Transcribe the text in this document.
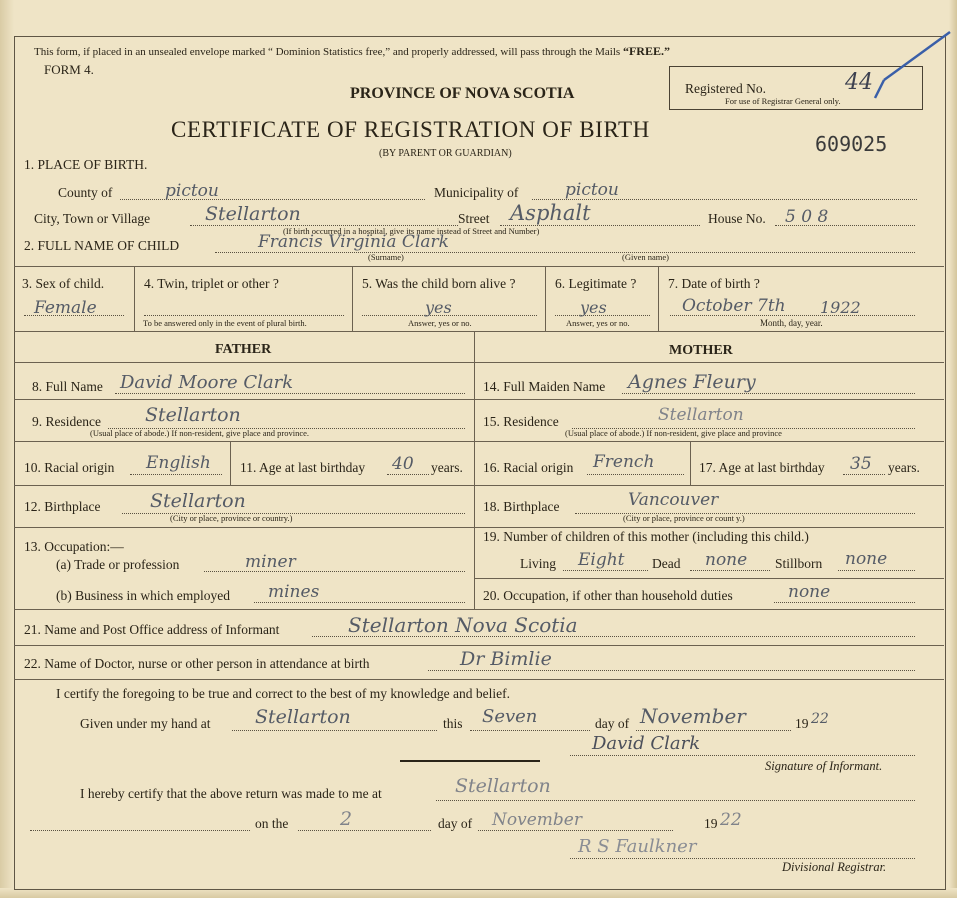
This form, if placed in an unsealed envelope marked “ Dominion Statistics free,” and properly addressed, will pass through the Mails “FREE.”
FORM 4.
PROVINCE OF NOVA SCOTIA
CERTIFICATE OF REGISTRATION OF BIRTH
(BY PARENT OR GUARDIAN)
Registered No.	44
For use of Registrar General only.
609025
1. PLACE OF BIRTH.
County of	pictou	Municipality of	pictou
City, Town or Village	Stellarton	Street Asphalt
(If birth occurred in a hospital, give its name instead of Street and Number)
House No. 5 0 8
2. FULL NAME OF CHILD	Francis Virginia Clark
(Surname)	(Given name)
3. Sex of child.
Female
4. Twin, triplet or other ?
To be answered only in the event of plural birth.
5. Was the child born alive ?
yes
Answer, yes or no.
6. Legitimate ?
yes
Answer, yes or no.
7. Date of birth ?
October 7th 1922
Month, day, year.
FATHER	MOTHER
8. Full Name David Moore Clark
9. Residence Stellarton
(Usual place of abode.) If non-resident, give place and province.
10. Racial origin English 11. Age at last birthday 40 years.
12. Birthplace	Stellarton
(City or place, province or country.)
13. Occupation:—
(a) Trade or profession	miner
(b) Business in which employed mines
14. Full Maiden Name Agnes Fleury
15. Residence	Stellarton
(Usual place of abode.) If non-resident, give place and province
16. Racial origin French	17. Age at last birthday 35 years.
18. Birthplace	Vancouver
(City or place, province or count y.)
19. Number of children of this mother (including this child.)
Living Eight Dead none Stillborn none
20. Occupation, if other than household duties	none
21. Name and Post Office address of Informant	Stellarton Nova Scotia
22. Name of Doctor, nurse or other person in attendance at birth	Dr Bimlie
I certify the foregoing to be true and correct to the best of my knowledge and belief.
Given under my hand at Stellarton	this Seven	day of November	19 22
David Clark
Signature of Informant.
I hereby certify that the above return was made to me at	Stellarton
on the	2	day of November	19 22
R S Faulkner
Divisional Registrar.
